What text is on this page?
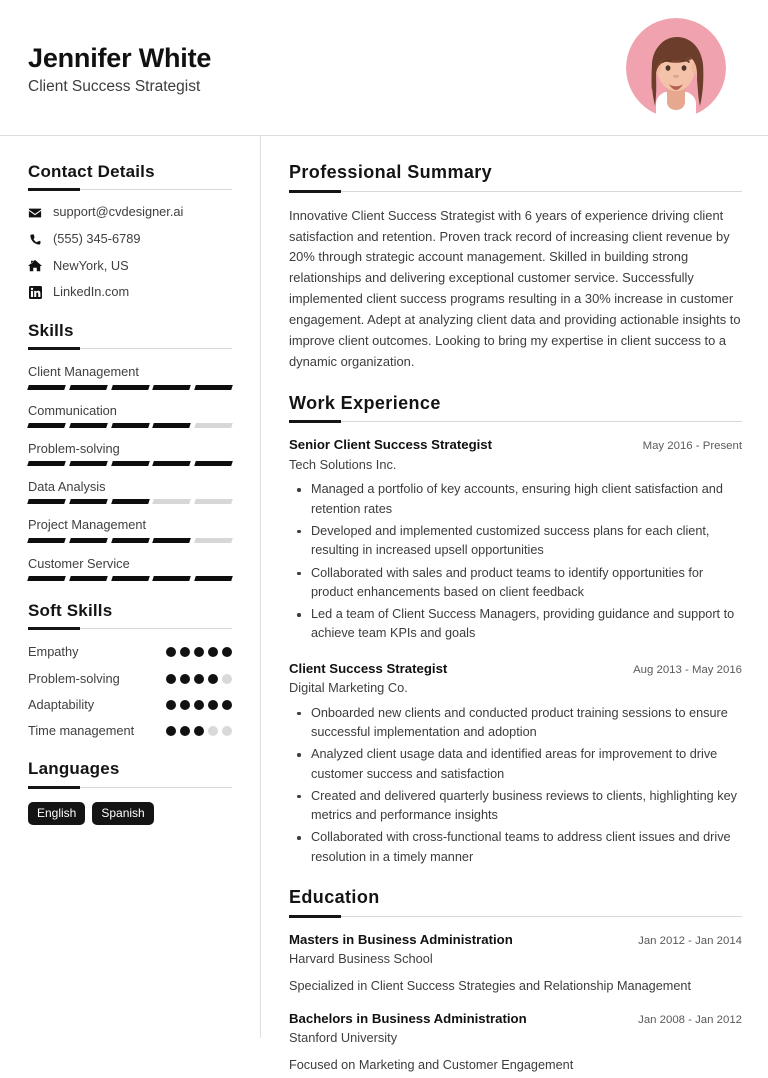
Jennifer White
Client Success Strategist
Contact Details
support@cvdesigner.ai
(555) 345-6789
NewYork, US
LinkedIn.com
Skills
Client Management
Communication
Problem-solving
Data Analysis
Project Management
Customer Service
Soft Skills
Empathy
Problem-solving
Adaptability
Time management
Languages
English	Spanish
Professional Summary
Innovative Client Success Strategist with 6 years of experience driving client satisfaction and retention. Proven track record of increasing client revenue by 20% through strategic account management. Skilled in building strong relationships and delivering exceptional customer service. Successfully implemented client success programs resulting in a 30% increase in customer engagement. Adept at analyzing client data and providing actionable insights to improve client outcomes. Looking to bring my expertise in client success to a dynamic organization.
Work Experience
Senior Client Success Strategist	May 2016 - Present
Tech Solutions Inc.
Managed a portfolio of key accounts, ensuring high client satisfaction and retention rates
Developed and implemented customized success plans for each client, resulting in increased upsell opportunities
Collaborated with sales and product teams to identify opportunities for product enhancements based on client feedback
Led a team of Client Success Managers, providing guidance and support to achieve team KPIs and goals
Client Success Strategist	Aug 2013 - May 2016
Digital Marketing Co.
Onboarded new clients and conducted product training sessions to ensure successful implementation and adoption
Analyzed client usage data and identified areas for improvement to drive customer success and satisfaction
Created and delivered quarterly business reviews to clients, highlighting key metrics and performance insights
Collaborated with cross-functional teams to address client issues and drive resolution in a timely manner
Education
Masters in Business Administration	Jan 2012 - Jan 2014
Harvard Business School
Specialized in Client Success Strategies and Relationship Management
Bachelors in Business Administration	Jan 2008 - Jan 2012
Stanford University
Focused on Marketing and Customer Engagement
